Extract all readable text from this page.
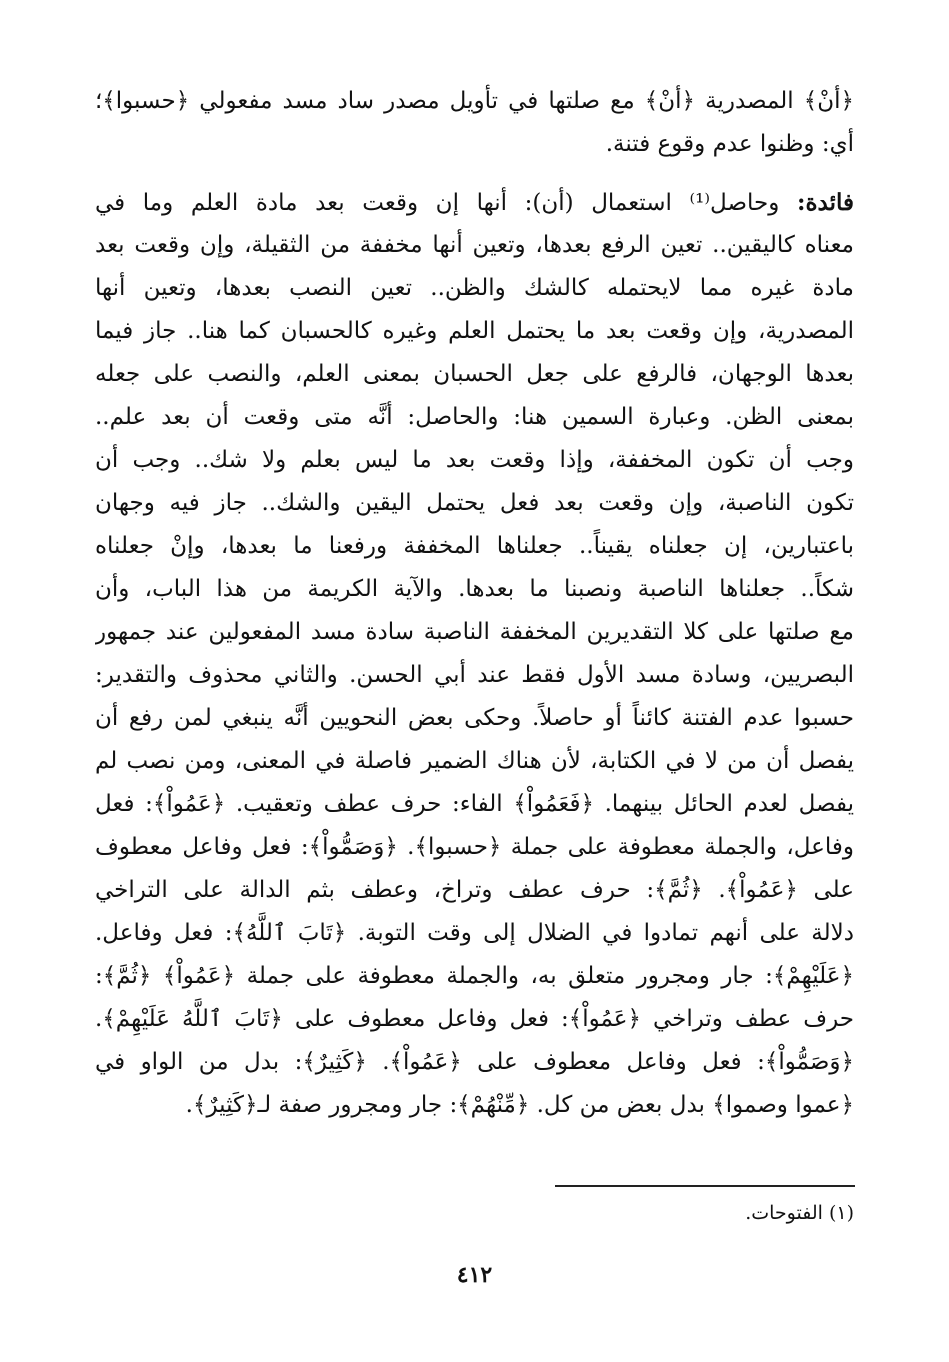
﴿أنْ﴾ المصدرية ﴿أنْ﴾ مع صلتها في تأويل مصدر ساد مسد مفعولي ﴿حسبوا﴾؛
أي: وظنوا عدم وقوع فتنة.
فائدة: وحاصل⁽¹⁾ استعمال (أن): أنها إن وقعت بعد مادة العلم وما في
معناه كاليقين.. تعين الرفع بعدها، وتعين أنها مخففة من الثقيلة، وإن وقعت بعد
مادة غيره مما لايحتمله كالشك والظن.. تعين النصب بعدها، وتعين أنها
المصدرية، وإن وقعت بعد ما يحتمل العلم وغيره كالحسبان كما هنا.. جاز فيما
بعدها الوجهان، فالرفع على جعل الحسبان بمعنى العلم، والنصب على جعله
بمعنى الظن. وعبارة السمين هنا: والحاصل: أنَّه متى وقعت أن بعد علم..
وجب أن تكون المخففة، وإذا وقعت بعد ما ليس بعلم ولا شك.. وجب أن
تكون الناصبة، وإن وقعت بعد فعل يحتمل اليقين والشك.. جاز فيه وجهان
باعتبارين، إن جعلناه يقيناً.. جعلناها المخففة ورفعنا ما بعدها، وإنْ جعلناه
شكاً.. جعلناها الناصبة ونصبنا ما بعدها. والآية الكريمة من هذا الباب، وأن
مع صلتها على كلا التقديرين المخففة الناصبة سادة مسد المفعولين عند جمهور
البصريين، وسادة مسد الأول فقط عند أبي الحسن. والثاني محذوف والتقدير:
حسبوا عدم الفتنة كائناً أو حاصلاً. وحكى بعض النحويين أنَّه ينبغي لمن رفع أن
يفصل أن من لا في الكتابة، لأن هناك الضمير فاصلة في المعنى، ومن نصب لم
يفصل لعدم الحائل بينهما. ﴿فَعَمُواْ﴾ الفاء: حرف عطف وتعقيب. ﴿عَمُواْ﴾: فعل
وفاعل، والجملة معطوفة على جملة ﴿حسبوا﴾. ﴿وَصَمُّواْ﴾: فعل وفاعل معطوف
على ﴿عَمُواْ﴾. ﴿ثُمَّ﴾: حرف عطف وتراخ، وعطف بثم الدالة على التراخي
دلالة على أنهم تمادوا في الضلال إلى وقت التوبة. ﴿تَابَ ٱللَّهُ﴾: فعل وفاعل.
﴿عَلَيْهِمْ﴾: جار ومجرور متعلق به، والجملة معطوفة على جملة ﴿عَمُواْ﴾ ﴿ثُمَّ﴾:
حرف عطف وتراخي ﴿عَمُواْ﴾: فعل وفاعل معطوف على ﴿تَابَ ٱللَّهُ عَلَيْهِمْ﴾.
﴿وَصَمُّواْ﴾: فعل وفاعل معطوف على ﴿عَمُواْ﴾. ﴿كَثِيرٌ﴾: بدل من الواو في
﴿عموا وصموا﴾ بدل بعض من كل. ﴿مِّنْهُمْ﴾: جار ومجرور صفة لـ﴿كَثِيرٌ﴾.
(١) الفتوحات.
٤١٢
